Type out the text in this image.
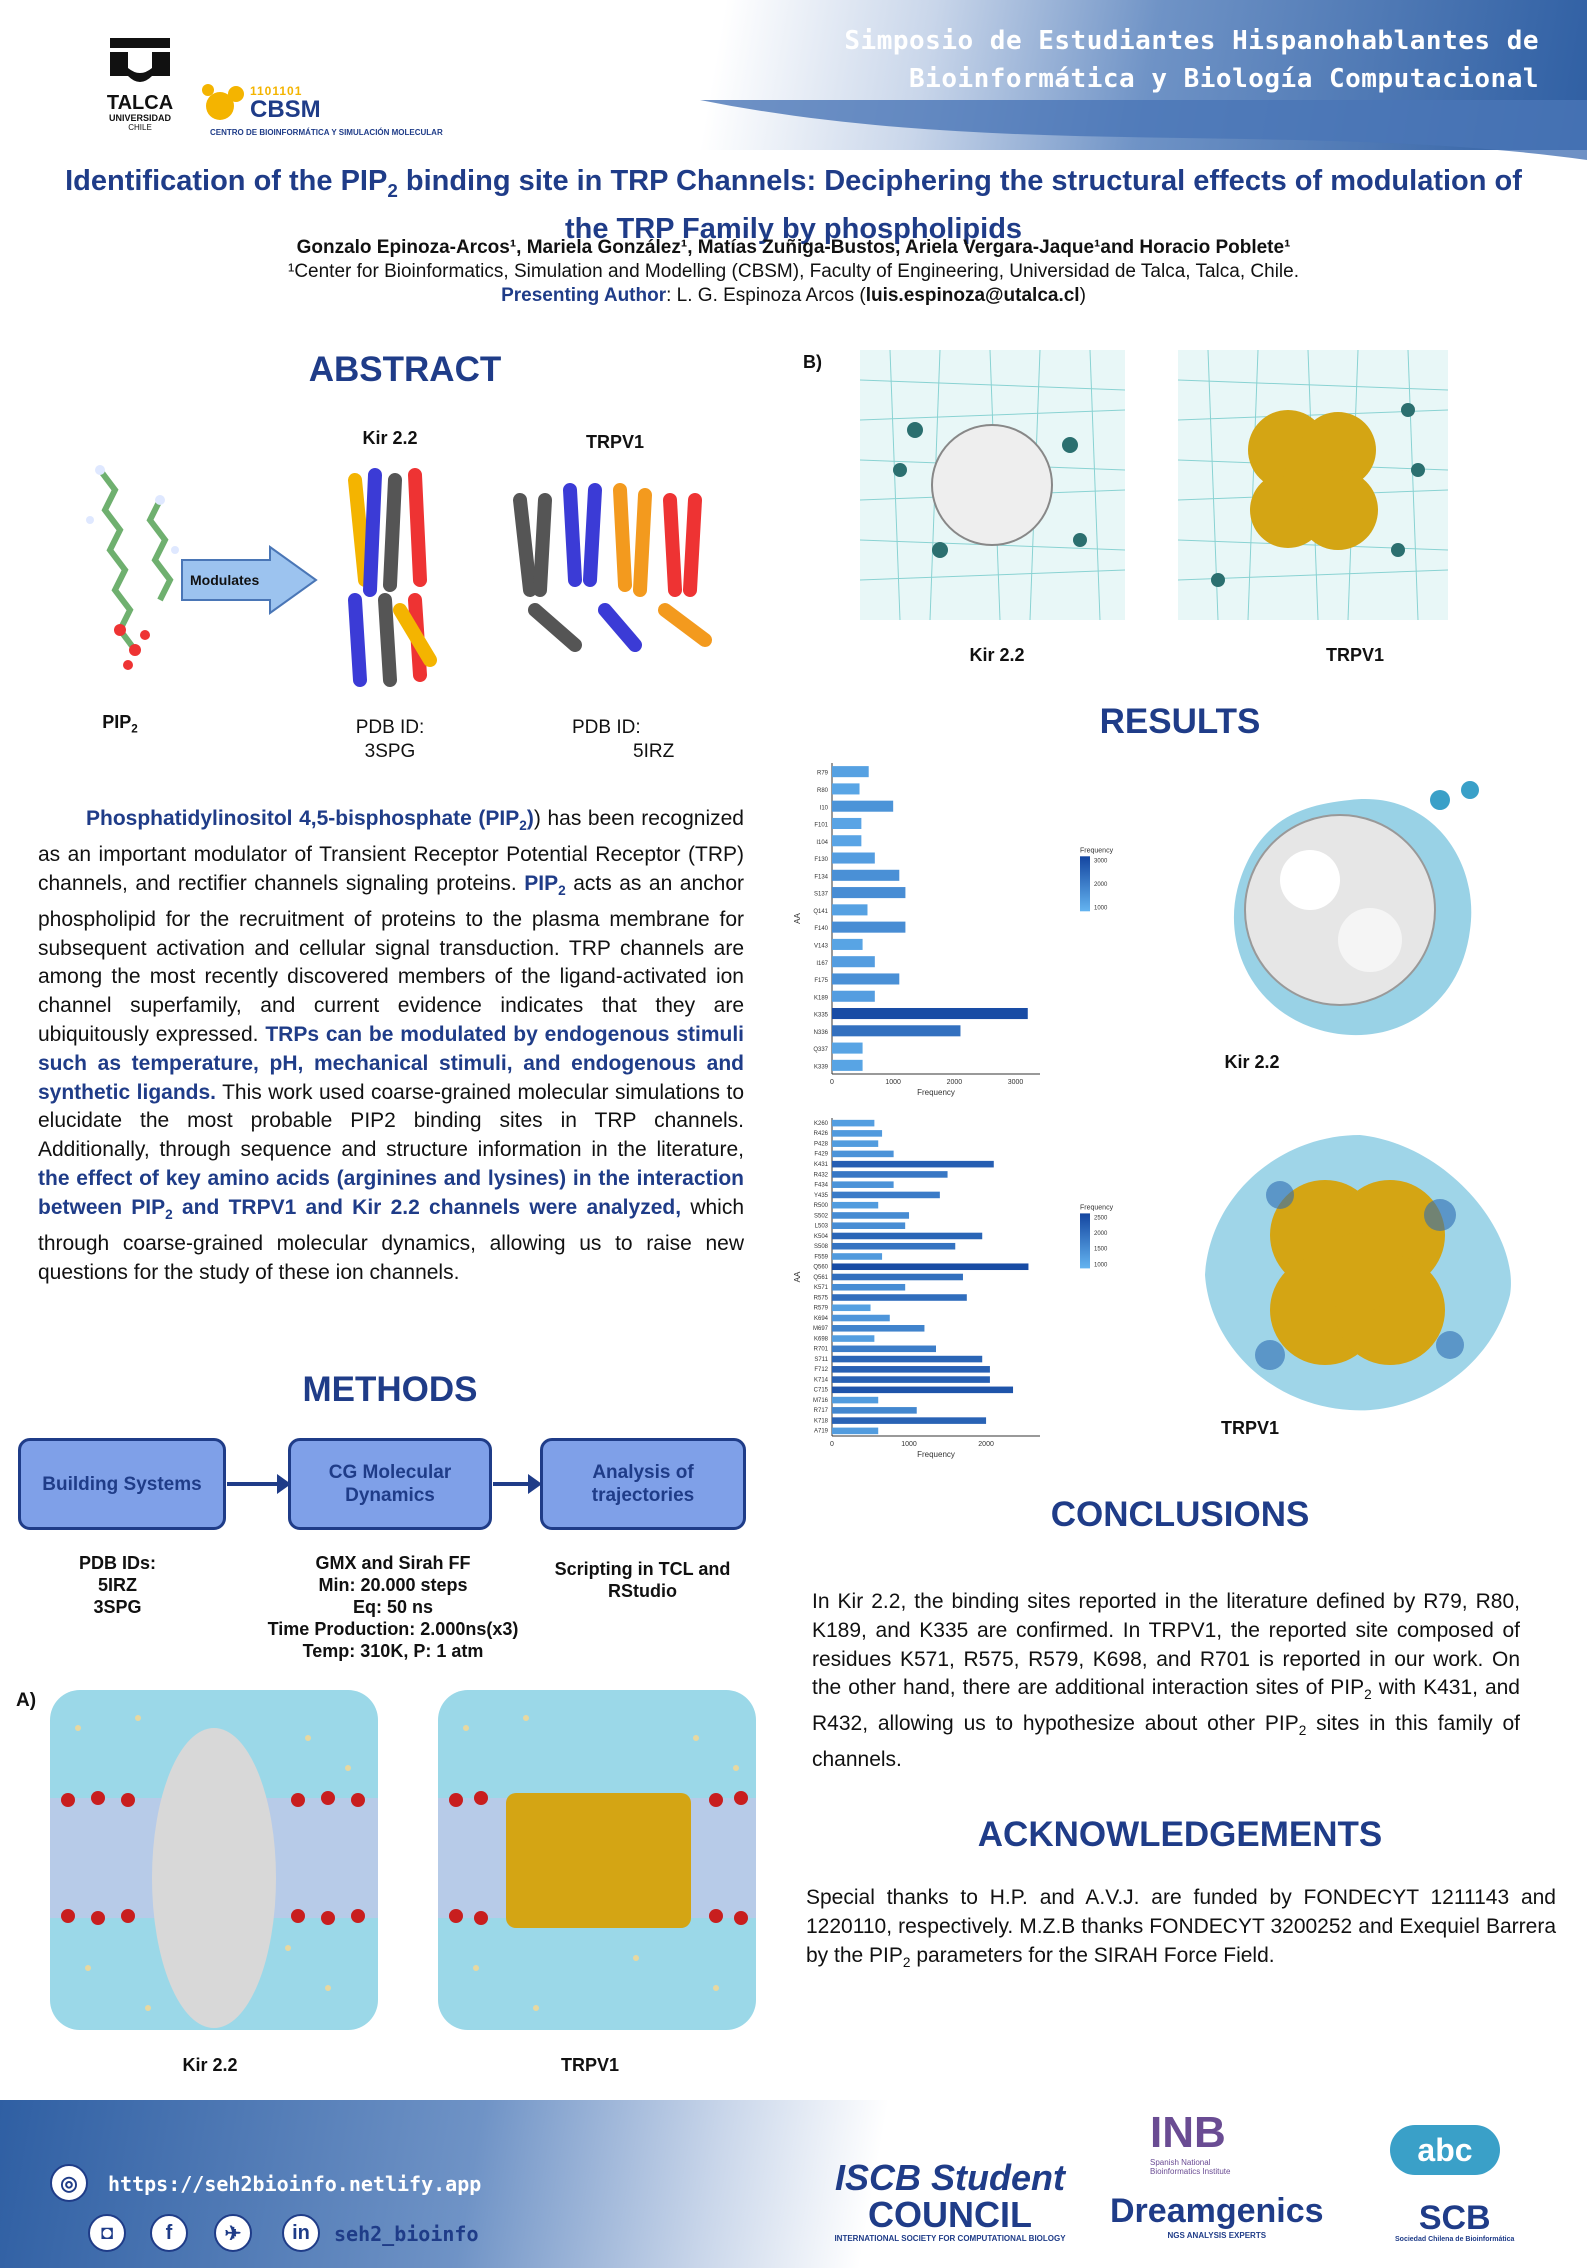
Simposio de Estudiantes Hispanohablantes de
Bioinformática y Biología Computacional
TALCA
UNIVERSIDAD
CHILE
1101101
CBSM
CENTRO DE BIOINFORMÁTICA Y SIMULACIÓN MOLECULAR
Identification of the $PIP_2$ binding site in TRP Channels: Deciphering the structural effects of modulation of
the TRP Family by phospholipids
Gonzalo Epinoza-Arcos¹, Mariela González¹, Matías Zuñiga-Bustos, Ariela Vergara-Jaque¹and Horacio Poblete¹
¹Center for Bioinformatics, Simulation and Modelling (CBSM), Faculty of Engineering, Universidad de Talca, Talca, Chile.
Presenting Author: L. G. Espinoza Arcos (luis.espinoza@utalca.cl)
ABSTRACT
Kir 2.2	TRPV1
Modulates
$PIP_2$	PDB ID:
3SPG
PDB ID:
5IRZ
Phosphatidylinositol 4,5-bisphosphate $(PIP_2)$) has been recognized as an important modulator of Transient Receptor Potential Receptor (TRP) channels, and rectifier channels signaling proteins. $PIP_2$ acts as an anchor phospholipid for the recruitment of proteins to the plasma membrane for subsequent activation and cellular signal transduction. TRP channels are among the most recently discovered members of the ligand-activated ion channel superfamily, and current evidence indicates that they are ubiquitously expressed. TRPs can be modulated by endogenous stimuli such as temperature, pH, mechanical stimuli, and endogenous and synthetic ligands. This work used coarse-grained molecular simulations to elucidate the most probable PIP2 binding sites in TRP channels. Additionally, through sequence and structure information in the literature, the effect of key amino acids (arginines and lysines) in the interaction between $PIP_2$ and TRPV1 and Kir 2.2 channels were analyzed, which through coarse-grained molecular dynamics, allowing us to raise new questions for the study of these ion channels.
METHODS
Building Systems
CG Molecular Dynamics
Analysis of trajectories
PDB IDs:
5IRZ
3SPG
GMX and Sirah FF
Min: 20.000 steps
Eq: 50 ns
Time Production: 2.000ns(x3)
Temp: 310K, P: 1 atm
Scripting in TCL and
RStudio
A)
Kir 2.2	TRPV1
B)
Kir 2.2	TRPV1
RESULTS
R79
R80
I10
F101
I104
F130
F134
S137
Q141
F140
V143
I167
F175
K189
K335
N336
Q337
K339
0	1000	2000	3000
Frequency
AA
Frequency
3000
2000
1000
K260
R426
P428
F429
K431
R432
F434
Y435
R500
S502
L503
K504
S508
F559
Q560
Q561
K571
R575
R579
K694
M697
K698
R701
S711
F712
K714
C715
M716
R717
K718
A719
0	1000	2000
Frequency
AA
Frequency
2500
2000
1500
1000
Kir 2.2
TRPV1
CONCLUSIONS
In Kir 2.2, the binding sites reported in the literature defined by R79, R80, K189, and K335 are confirmed. In TRPV1, the reported site composed of residues K571, R575, R579, K698, and R701 is reported in our work. On the other hand, there are additional interaction sites of $PIP_2$ with K431, and R432, allowing us to hypothesize about other $PIP_2$ sites in this family of channels.
ACKNOWLEDGEMENTS
Special thanks to H.P. and A.V.J. are funded by FONDECYT 1211143 and 1220110, respectively. M.Z.B thanks FONDECYT 3200252 and Exequiel Barrera by the $PIP_2$ parameters for the SIRAH Force Field.
◎	https://seh2bioinfo.netlify.app
◘	f	✈	in	seh2_bioinfo
ISCB Student
COUNCIL
INTERNATIONAL SOCIETY FOR COMPUTATIONAL BIOLOGY
INB
Spanish National Bioinformatics Institute
Dreamgenics
NGS ANALYSIS EXPERTS
abc
SCB
Sociedad Chilena de Bioinformática
